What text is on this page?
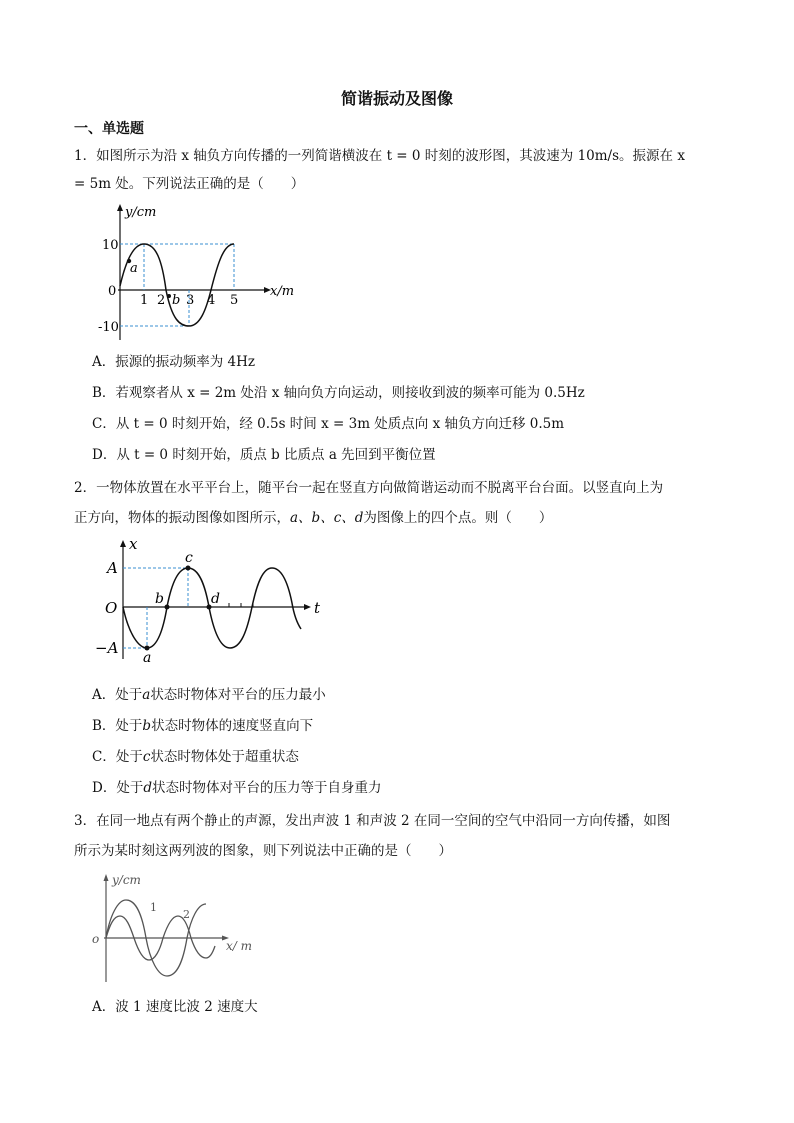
简谐振动及图像
一、单选题
1．如图所示为沿 x 轴负方向传播的一列简谐横波在 t = 0 时刻的波形图，其波速为 10m/s。振源在 x
= 5m 处。下列说法正确的是（　　）
y/cm
x/m
0
10
-10
1 2 3 4 5
a
b
A．振源的振动频率为 4Hz
B．若观察者从 x = 2m 处沿 x 轴向负方向运动，则接收到波的频率可能为 0.5Hz
C．从 t = 0 时刻开始，经 0.5s 时间 x = 3m 处质点向 x 轴负方向迁移 0.5m
D．从 t = 0 时刻开始，质点 b 比质点 a 先回到平衡位置
2．一物体放置在水平平台上，随平台一起在竖直方向做简谐运动而不脱离平台台面。以竖直向上为
正方向，物体的振动图像如图所示，a、b、c、d为图像上的四个点。则（　　）
x
t
O
A
−A
a
b
c
d
A．处于a状态时物体对平台的压力最小
B．处于b状态时物体的速度竖直向下
C．处于c状态时物体处于超重状态
D．处于d状态时物体对平台的压力等于自身重力
3．在同一地点有两个静止的声源，发出声波 1 和声波 2 在同一空间的空气中沿同一方向传播，如图
所示为某时刻这两列波的图象，则下列说法中正确的是（　　）
y/cm
x/ m
o
1
2
A．波 1 速度比波 2 速度大
